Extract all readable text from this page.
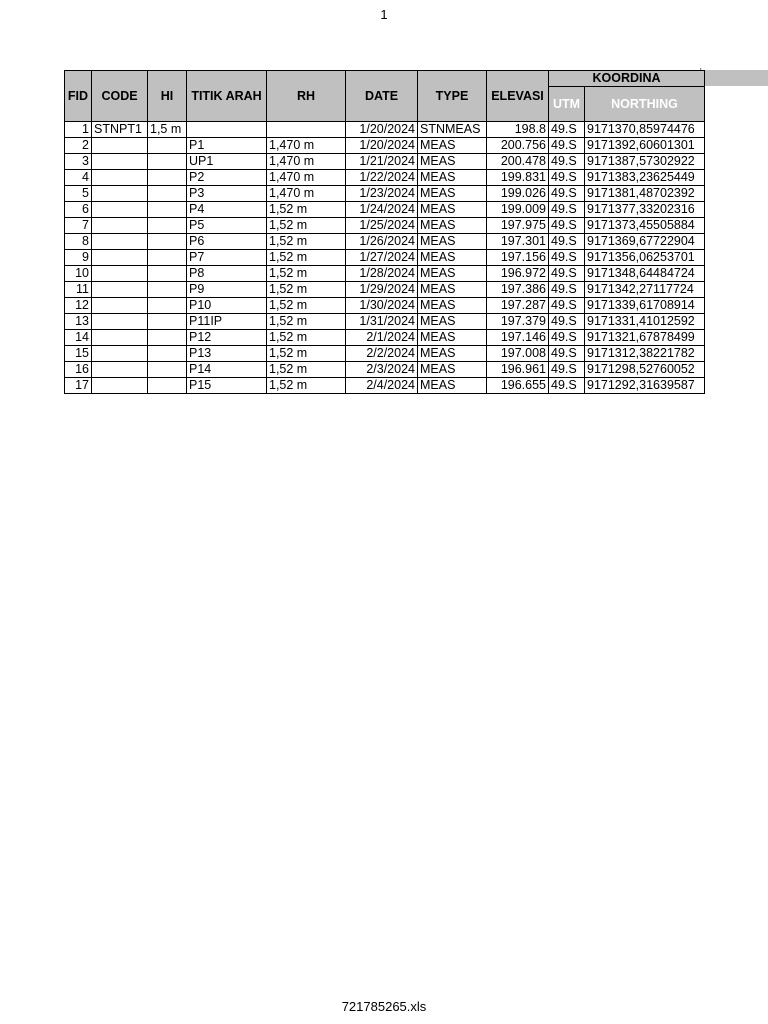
1
FID	CODE	HI	TITIK ARAH	RH	DATE	TYPE	ELEVASI	KOORDINA	
								UTM	NORTHING
1	STNPT1	1,5 m			1/20/2024	STNMEAS	198.8	49.S	9171370,85974476
2			P1	1,470 m	1/20/2024	MEAS	200.756	49.S	9171392,60601301
3			UP1	1,470 m	1/21/2024	MEAS	200.478	49.S	9171387,57302922
4			P2	1,470 m	1/22/2024	MEAS	199.831	49.S	9171383,23625449
5			P3	1,470 m	1/23/2024	MEAS	199.026	49.S	9171381,48702392
6			P4	1,52 m	1/24/2024	MEAS	199.009	49.S	9171377,33202316
7			P5	1,52 m	1/25/2024	MEAS	197.975	49.S	9171373,45505884
8			P6	1,52 m	1/26/2024	MEAS	197.301	49.S	9171369,67722904
9			P7	1,52 m	1/27/2024	MEAS	197.156	49.S	9171356,06253701
10			P8	1,52 m	1/28/2024	MEAS	196.972	49.S	9171348,64484724
11			P9	1,52 m	1/29/2024	MEAS	197.386	49.S	9171342,27117724
12			P10	1,52 m	1/30/2024	MEAS	197.287	49.S	9171339,61708914
13			P11IP	1,52 m	1/31/2024	MEAS	197.379	49.S	9171331,41012592
14			P12	1,52 m	2/1/2024	MEAS	197.146	49.S	9171321,67878499
15			P13	1,52 m	2/2/2024	MEAS	197.008	49.S	9171312,38221782
16			P14	1,52 m	2/3/2024	MEAS	196.961	49.S	9171298,52760052
17			P15	1,52 m	2/4/2024	MEAS	196.655	49.S	9171292,31639587
721785265.xls
